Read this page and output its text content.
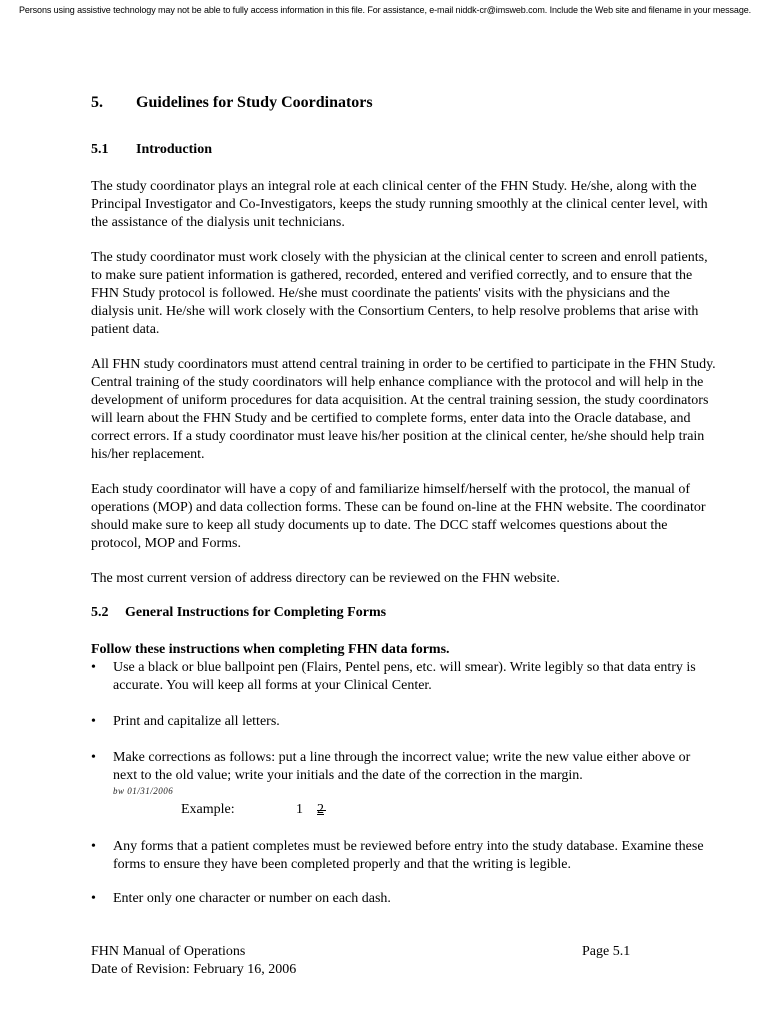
Persons using assistive technology may not be able to fully access information in this file. For assistance, e-mail niddk-cr@imsweb.com. Include the Web site and filename in your message.
5. Guidelines for Study Coordinators
5.1 Introduction
The study coordinator plays an integral role at each clinical center of the FHN Study. He/she, along with the Principal Investigator and Co-Investigators, keeps the study running smoothly at the clinical center level, with the assistance of the dialysis unit technicians.
The study coordinator must work closely with the physician at the clinical center to screen and enroll patients, to make sure patient information is gathered, recorded, entered and verified correctly, and to ensure that the FHN Study protocol is followed. He/she must coordinate the patients' visits with the physicians and the dialysis unit. He/she will work closely with the Consortium Centers, to help resolve problems that arise with patient data.
All FHN study coordinators must attend central training in order to be certified to participate in the FHN Study. Central training of the study coordinators will help enhance compliance with the protocol and will help in the development of uniform procedures for data acquisition. At the central training session, the study coordinators will learn about the FHN Study and be certified to complete forms, enter data into the Oracle database, and correct errors. If a study coordinator must leave his/her position at the clinical center, he/she should help train his/her replacement.
Each study coordinator will have a copy of and familiarize himself/herself with the protocol, the manual of operations (MOP) and data collection forms. These can be found on-line at the FHN website. The coordinator should make sure to keep all study documents up to date. The DCC staff welcomes questions about the protocol, MOP and Forms.
The most current version of address directory can be reviewed on the FHN website.
5.2 General Instructions for Completing Forms
Follow these instructions when completing FHN data forms.
• Use a black or blue ballpoint pen (Flairs, Pentel pens, etc. will smear). Write legibly so that data entry is accurate. You will keep all forms at your Clinical Center.
• Print and capitalize all letters.
• Make corrections as follows: put a line through the incorrect value; write the new value either above or next to the old value; write your initials and the date of the correction in the margin.
bw 01/31/2006
Example:	1
• Any forms that a patient completes must be reviewed before entry into the study database. Examine these forms to ensure they have been completed properly and that the writing is legible.
• Enter only one character or number on each dash.
FHN Manual of Operations
Date of Revision: February 16, 2006
Page 5.1
